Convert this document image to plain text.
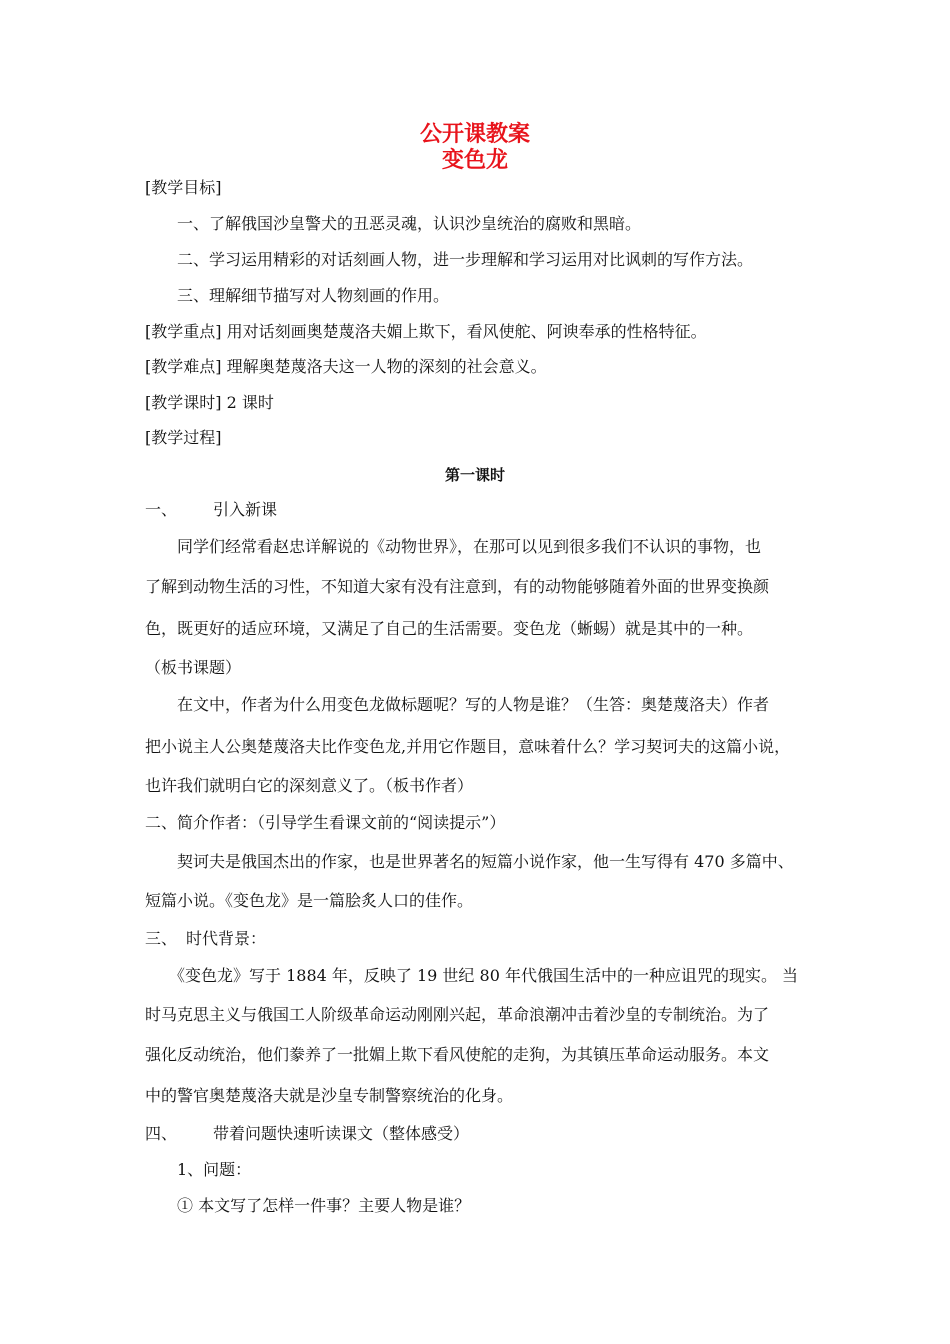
公开课教案

变色龙

[教学目标]

一、了解俄国沙皇警犬的丑恶灵魂，认识沙皇统治的腐败和黑暗。

二、学习运用精彩的对话刻画人物，进一步理解和学习运用对比讽刺的写作方法。

三、理解细节描写对人物刻画的作用。

[教学重点] 用对话刻画奥楚蔑洛夫媚上欺下，看风使舵、阿谀奉承的性格特征。

[教学难点] 理解奥楚蔑洛夫这一人物的深刻的社会意义。

[教学课时] 2 课时

[教学过程]

第一课时

一、 引入新课

同学们经常看赵忠详解说的《动物世界》，在那可以见到很多我们不认识的事物，也

了解到动物生活的习性，不知道大家有没有注意到，有的动物能够随着外面的世界变换颜

色，既更好的适应环境，又满足了自己的生活需要。变色龙（蜥蜴）就是其中的一种。

（板书课题）

在文中，作者为什么用变色龙做标题呢？写的人物是谁？（生答：奥楚蔑洛夫）作者

把小说主人公奥楚蔑洛夫比作变色龙,并用它作题目，意味着什么？学习契诃夫的这篇小说，

也许我们就明白它的深刻意义了。（板书作者）

二、简介作者：（引导学生看课文前的“阅读提示”）

契诃夫是俄国杰出的作家，也是世界著名的短篇小说作家，他一生写得有 470 多篇中、

短篇小说。《变色龙》是一篇脍炙人口的佳作。

三、 时代背景：

《变色龙》写于 1884 年，反映了 19 世纪 80 年代俄国生活中的一种应诅咒的现实。 当

时马克思主义与俄国工人阶级革命运动刚刚兴起，革命浪潮冲击着沙皇的专制统治。为了

强化反动统治，他们豢养了一批媚上欺下看风使舵的走狗，为其镇压革命运动服务。本文

中的警官奥楚蔑洛夫就是沙皇专制警察统治的化身。

四、 带着问题快速听读课文（整体感受）

1、问题：

① 本文写了怎样一件事？主要人物是谁？
